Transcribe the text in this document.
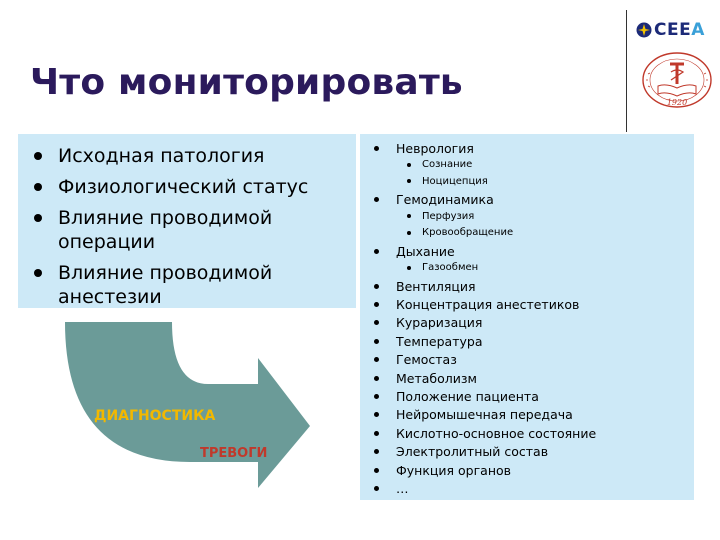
Что мониторировать
CEEA
1920
Исходная патология
Физиологический статус
Влияние проводимой операции
Влияние проводимой анестезии
Неврология
Сознание
Ноцицепция
Гемодинамика
Перфузия
Кровообращение
Дыхание
Газообмен
Вентиляция
Концентрация анестетиков
Кураризация
Температура
Гемостаз
Метаболизм
Положение пациента
Нейромышечная передача
Кислотно-основное состояние
Электролитный состав
Функция органов
…
ДИАГНОСТИКА
ТРЕВОГИ
